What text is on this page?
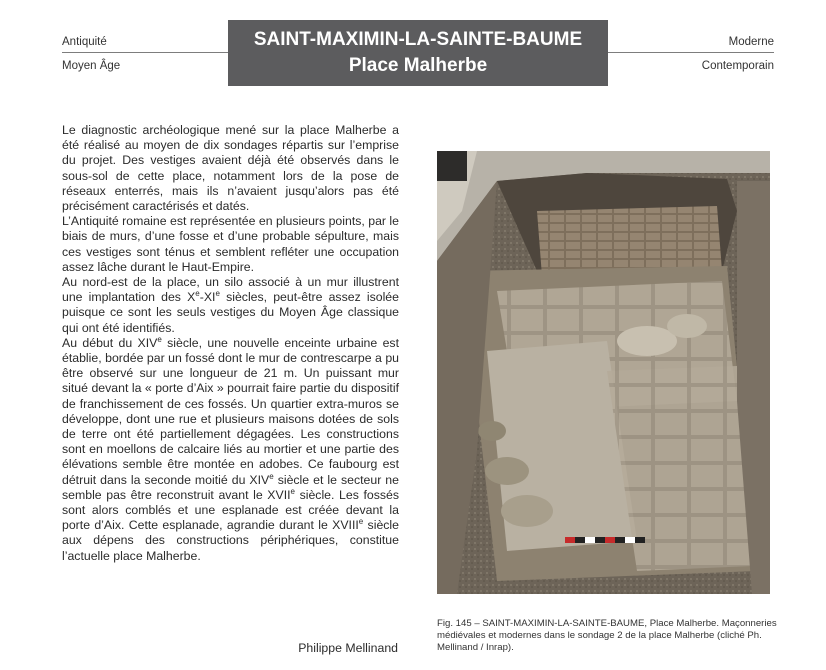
Antiquité
Moyen Âge
SAINT-MAXIMIN-LA-SAINTE-BAUME
Place Malherbe
Moderne
Contemporain

Le diagnostic archéologique mené sur la place Malherbe a été réalisé au moyen de dix sondages répartis sur l’emprise du projet. Des vestiges avaient déjà été observés dans le sous-sol de cette place, notamment lors de la pose de réseaux enterrés, mais ils n’avaient jusqu’alors pas été précisément caractérisés et datés.

L’Antiquité romaine est représentée en plusieurs points, par le biais de murs, d’une fosse et d’une probable sépulture, mais ces vestiges sont ténus et semblent refléter une occupation assez lâche durant le Haut-Empire.

Au nord-est de la place, un silo associé à un mur illustrent une implantation des Xe-XIe siècles, peut-être assez isolée puisque ce sont les seuls vestiges du Moyen Âge classique qui ont été identifiés.

Au début du XIVe siècle, une nouvelle enceinte urbaine est établie, bordée par un fossé dont le mur de contrescarpe a pu être observé sur une longueur de 21 m. Un puissant mur situé devant la « porte d’Aix » pourrait faire partie du dispositif de franchissement de ces fossés. Un quartier extra-muros se développe, dont une rue et plusieurs maisons dotées de sols de terre ont été partiellement dégagées. Les constructions sont en moellons de calcaire liés au mortier et une partie des élévations semble être montée en adobes. Ce faubourg est détruit dans la seconde moitié du XIVe siècle et le secteur ne semble pas être reconstruit avant le XVIIe siècle. Les fossés sont alors comblés et une esplanade est créée devant la porte d’Aix. Cette esplanade, agrandie durant le XVIIIe siècle aux dépens des constructions périphériques, constitue l’actuelle place Malherbe.

Philippe Mellinand
Fig. 145 – SAINT-MAXIMIN-LA-SAINTE-BAUME, Place Malherbe. Maçonneries médiévales et modernes dans le sondage 2 de la place Malherbe (cliché Ph. Mellinand / Inrap).
